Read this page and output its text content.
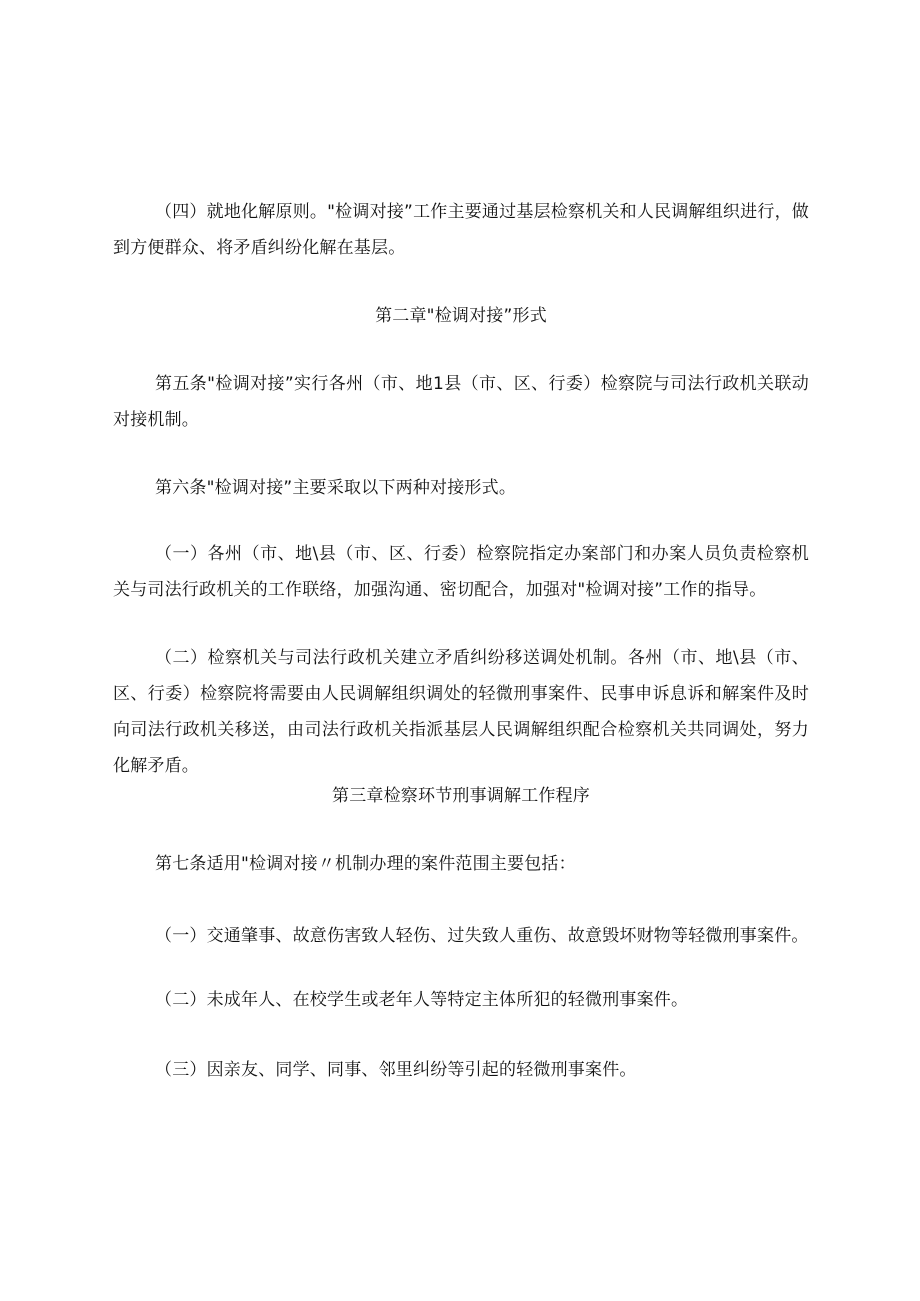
（四）就地化解原则。"检调对接”工作主要通过基层检察机关和人民调解组织进行，做到方便群众、将矛盾纠纷化解在基层。

第二章"检调对接”形式

第五条"检调对接”实行各州（市、地1县（市、区、行委）检察院与司法行政机关联动对接机制。

第六条"检调对接”主要采取以下两种对接形式。

（一）各州（市、地\县（市、区、行委）检察院指定办案部门和办案人员负责检察机关与司法行政机关的工作联络，加强沟通、密切配合，加强对"检调对接”工作的指导。

（二）检察机关与司法行政机关建立矛盾纠纷移送调处机制。各州（市、地\县（市、区、行委）检察院将需要由人民调解组织调处的轻微刑事案件、民事申诉息诉和解案件及时向司法行政机关移送，由司法行政机关指派基层人民调解组织配合检察机关共同调处，努力化解矛盾。

第三章检察环节刑事调解工作程序

第七条适用"检调对接〃机制办理的案件范围主要包括：

（一）交通肇事、故意伤害致人轻伤、过失致人重伤、故意毁坏财物等轻微刑事案件。

（二）未成年人、在校学生或老年人等特定主体所犯的轻微刑事案件。

（三）因亲友、同学、同事、邻里纠纷等引起的轻微刑事案件。
